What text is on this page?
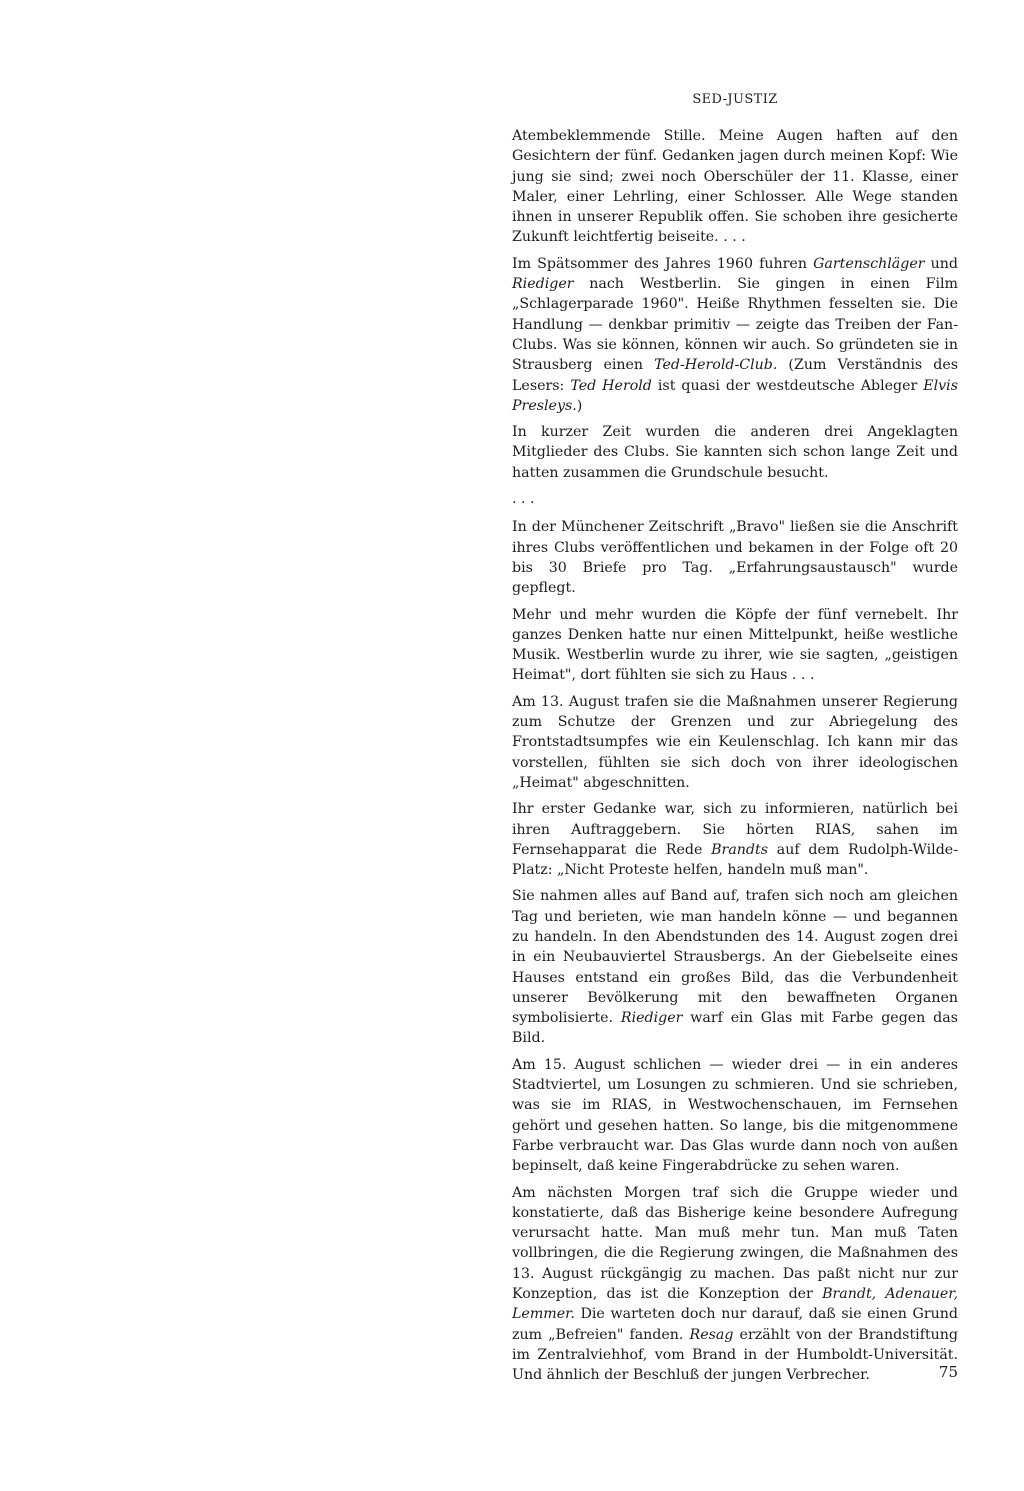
SED-JUSTIZ

Atembeklemmende Stille. Meine Augen haften auf den Gesichtern der fünf. Gedanken jagen durch meinen Kopf: Wie jung sie sind; zwei noch Oberschüler der 11. Klasse, einer Maler, einer Lehrling, einer Schlosser. Alle Wege standen ihnen in unserer Republik offen. Sie schoben ihre gesicherte Zukunft leichtfertig beiseite. . . .

Im Spätsommer des Jahres 1960 fuhren Gartenschläger und Riediger nach Westberlin. Sie gingen in einen Film „Schlagerparade 1960". Heiße Rhythmen fesselten sie. Die Handlung — denkbar primitiv — zeigte das Treiben der Fan-Clubs. Was sie können, können wir auch. So gründeten sie in Strausberg einen Ted-Herold-Club. (Zum Verständnis des Lesers: Ted Herold ist quasi der westdeutsche Ableger Elvis Presleys.)

In kurzer Zeit wurden die anderen drei Angeklagten Mitglieder des Clubs. Sie kannten sich schon lange Zeit und hatten zusammen die Grundschule besucht.

. . .

In der Münchener Zeitschrift „Bravo" ließen sie die Anschrift ihres Clubs veröffentlichen und bekamen in der Folge oft 20 bis 30 Briefe pro Tag. „Erfahrungsaustausch" wurde gepflegt.

Mehr und mehr wurden die Köpfe der fünf vernebelt. Ihr ganzes Denken hatte nur einen Mittelpunkt, heiße westliche Musik. Westberlin wurde zu ihrer, wie sie sagten, „geistigen Heimat", dort fühlten sie sich zu Haus . . .

Am 13. August trafen sie die Maßnahmen unserer Regierung zum Schutze der Grenzen und zur Abriegelung des Frontstadtsumpfes wie ein Keulenschlag. Ich kann mir das vorstellen, fühlten sie sich doch von ihrer ideologischen „Heimat" abgeschnitten.

Ihr erster Gedanke war, sich zu informieren, natürlich bei ihren Auftraggebern. Sie hörten RIAS, sahen im Fernsehapparat die Rede Brandts auf dem Rudolph-Wilde-Platz: „Nicht Proteste helfen, handeln muß man".

Sie nahmen alles auf Band auf, trafen sich noch am gleichen Tag und berieten, wie man handeln könne — und begannen zu handeln. In den Abendstunden des 14. August zogen drei in ein Neubauviertel Strausbergs. An der Giebelseite eines Hauses entstand ein großes Bild, das die Verbundenheit unserer Bevölkerung mit den bewaffneten Organen symbolisierte. Riediger warf ein Glas mit Farbe gegen das Bild.

Am 15. August schlichen — wieder drei — in ein anderes Stadtviertel, um Losungen zu schmieren. Und sie schrieben, was sie im RIAS, in Westwochenschauen, im Fernsehen gehört und gesehen hatten. So lange, bis die mitgenommene Farbe verbraucht war. Das Glas wurde dann noch von außen bepinselt, daß keine Fingerabdrücke zu sehen waren.

Am nächsten Morgen traf sich die Gruppe wieder und konstatierte, daß das Bisherige keine besondere Aufregung verursacht hatte. Man muß mehr tun. Man muß Taten vollbringen, die die Regierung zwingen, die Maßnahmen des 13. August rückgängig zu machen. Das paßt nicht nur zur Konzeption, das ist die Konzeption der Brandt, Adenauer, Lemmer. Die warteten doch nur darauf, daß sie einen Grund zum „Befreien" fanden. Resag erzählt von der Brandstiftung im Zentralviehhof, vom Brand in der Humboldt-Universität. Und ähnlich der Beschluß der jungen Verbrecher.	75
